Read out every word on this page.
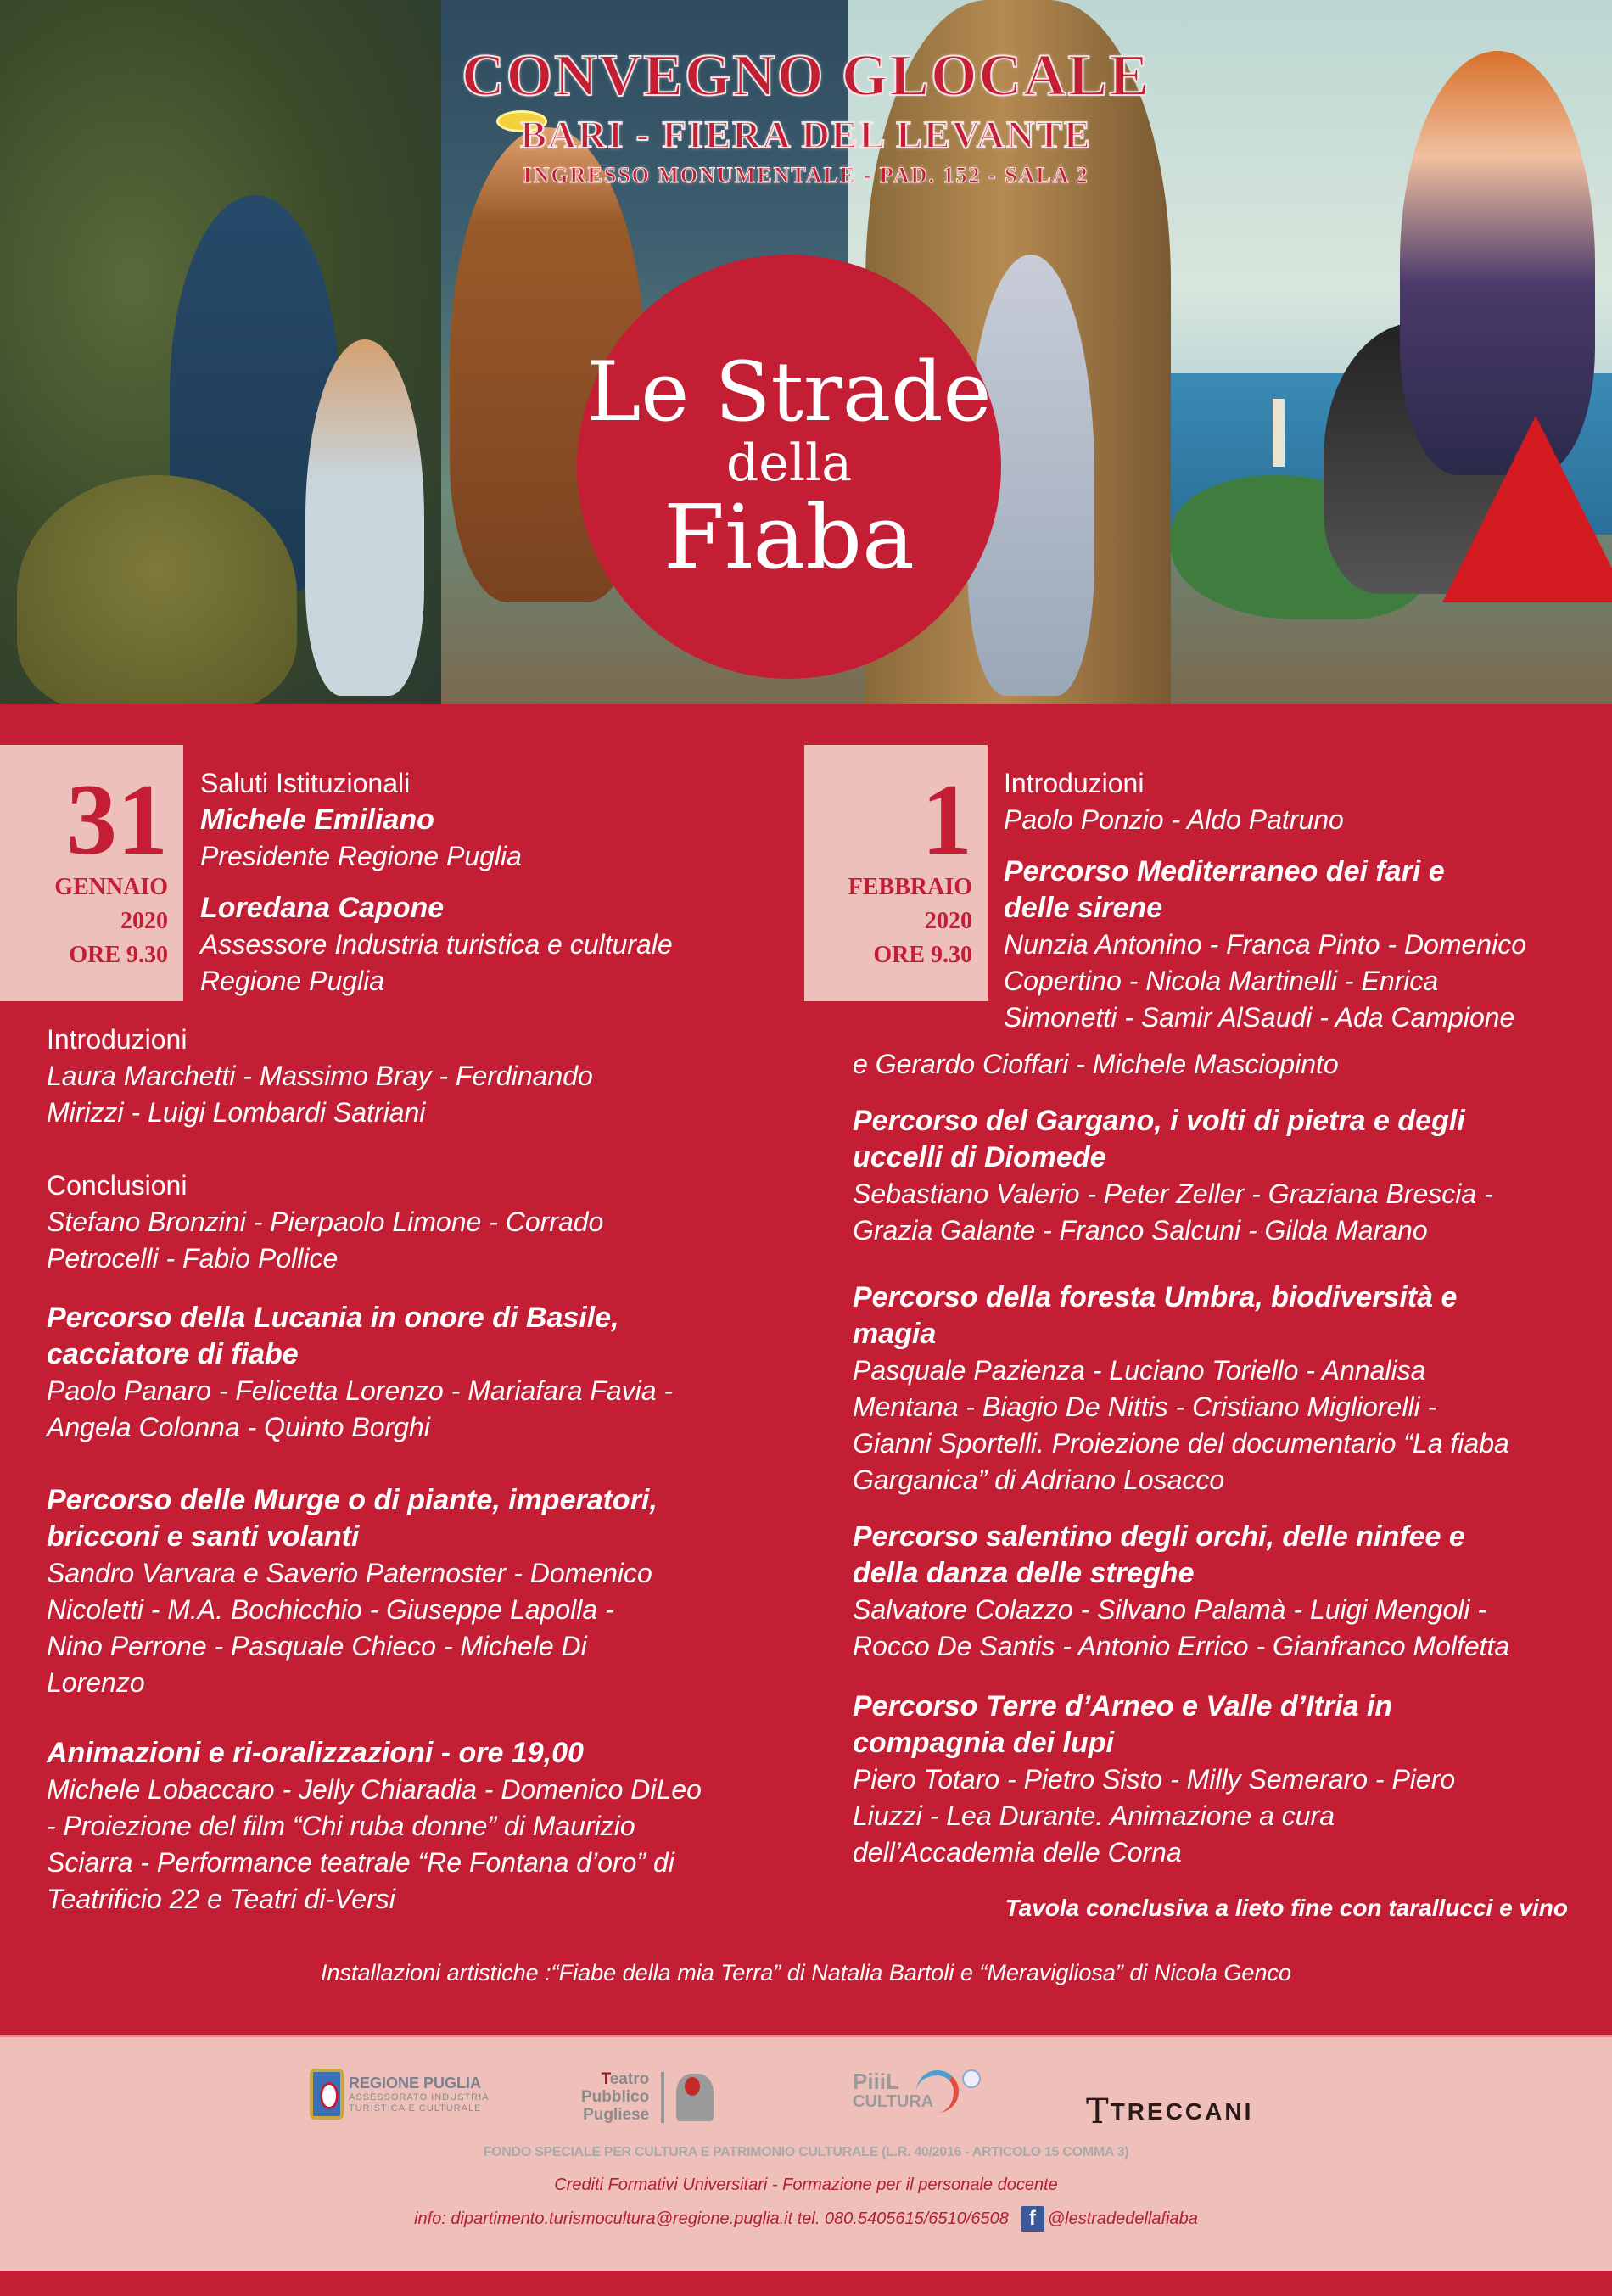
CONVEGNO GLOCALE
BARI - FIERA DEL LEVANTE
INGRESSO MONUMENTALE - PAD. 152 - SALA 2
Le Strade
della
Fiaba
31
GENNAIO
2020
ORE 9.30

Saluti Istituzionali

Michele Emiliano

Presidente Regione Puglia

Loredana Capone

Assessore Industria turistica e culturale

Regione Puglia

Introduzioni

Laura Marchetti - Massimo Bray - Ferdinando

Mirizzi - Luigi Lombardi Satriani

Conclusioni

Stefano Bronzini - Pierpaolo Limone - Corrado

Petrocelli - Fabio Pollice

Percorso della Lucania in onore di Basile,

cacciatore di fiabe

Paolo Panaro - Felicetta Lorenzo - Mariafara Favia -

Angela Colonna - Quinto Borghi

Percorso delle Murge o di piante, imperatori,

bricconi e santi volanti

Sandro Varvara e Saverio Paternoster - Domenico

Nicoletti - M.A. Bochicchio - Giuseppe Lapolla -

Nino Perrone - Pasquale Chieco - Michele Di

Lorenzo

Animazioni e ri-oralizzazioni - ore 19,00

Michele Lobaccaro - Jelly Chiaradia - Domenico DiLeo

- Proiezione del film “Chi ruba donne” di Maurizio

Sciarra - Performance teatrale “Re Fontana d’oro” di

Teatrificio 22 e Teatri di-Versi

1
FEBBRAIO
2020
ORE 9.30

Introduzioni

Paolo Ponzio - Aldo Patruno

Percorso Mediterraneo dei fari e

delle sirene

Nunzia Antonino - Franca Pinto - Domenico

Copertino - Nicola Martinelli - Enrica

Simonetti - Samir AlSaudi - Ada Campione

e Gerardo Cioffari - Michele Masciopinto

Percorso del Gargano, i volti di pietra e degli

uccelli di Diomede

Sebastiano Valerio - Peter Zeller - Graziana Brescia -

Grazia Galante - Franco Salcuni - Gilda Marano

Percorso della foresta Umbra, biodiversità e

magia

Pasquale Pazienza - Luciano Toriello - Annalisa

Mentana - Biagio De Nittis - Cristiano Migliorelli -

Gianni Sportelli. Proiezione del documentario “La fiaba

Garganica” di Adriano Losacco

Percorso salentino degli orchi, delle ninfee e

della danza delle streghe

Salvatore Colazzo - Silvano Palamà - Luigi Mengoli -

Rocco De Santis - Antonio Errico - Gianfranco Molfetta

Percorso Terre d’Arneo e Valle d’Itria in

compagnia dei lupi

Piero Totaro - Pietro Sisto - Milly Semeraro - Piero

Liuzzi - Lea Durante. Animazione a cura

dell’Accademia delle Corna

Tavola conclusiva a lieto fine con tarallucci e vino
Installazioni artistiche :“Fiabe della mia Terra” di Natalia Bartoli e “Meravigliosa” di Nicola Genco
REGIONE PUGLIA
ASSESSORATO INDUSTRIA
TURISTICA E CULTURALE
Teatro
Pubblico
Pugliese
PiiiL
CULTURA	T TRECCANI
FONDO SPECIALE PER CULTURA E PATRIMONIO CULTURALE (L.R. 40/2016 - ARTICOLO 15 COMMA 3)
Crediti Formativi Universitari - Formazione per il personale docente
info: dipartimento.turismocultura@regione.puglia.it tel. 080.5405615/6510/6508	f @lestradedellafiaba
